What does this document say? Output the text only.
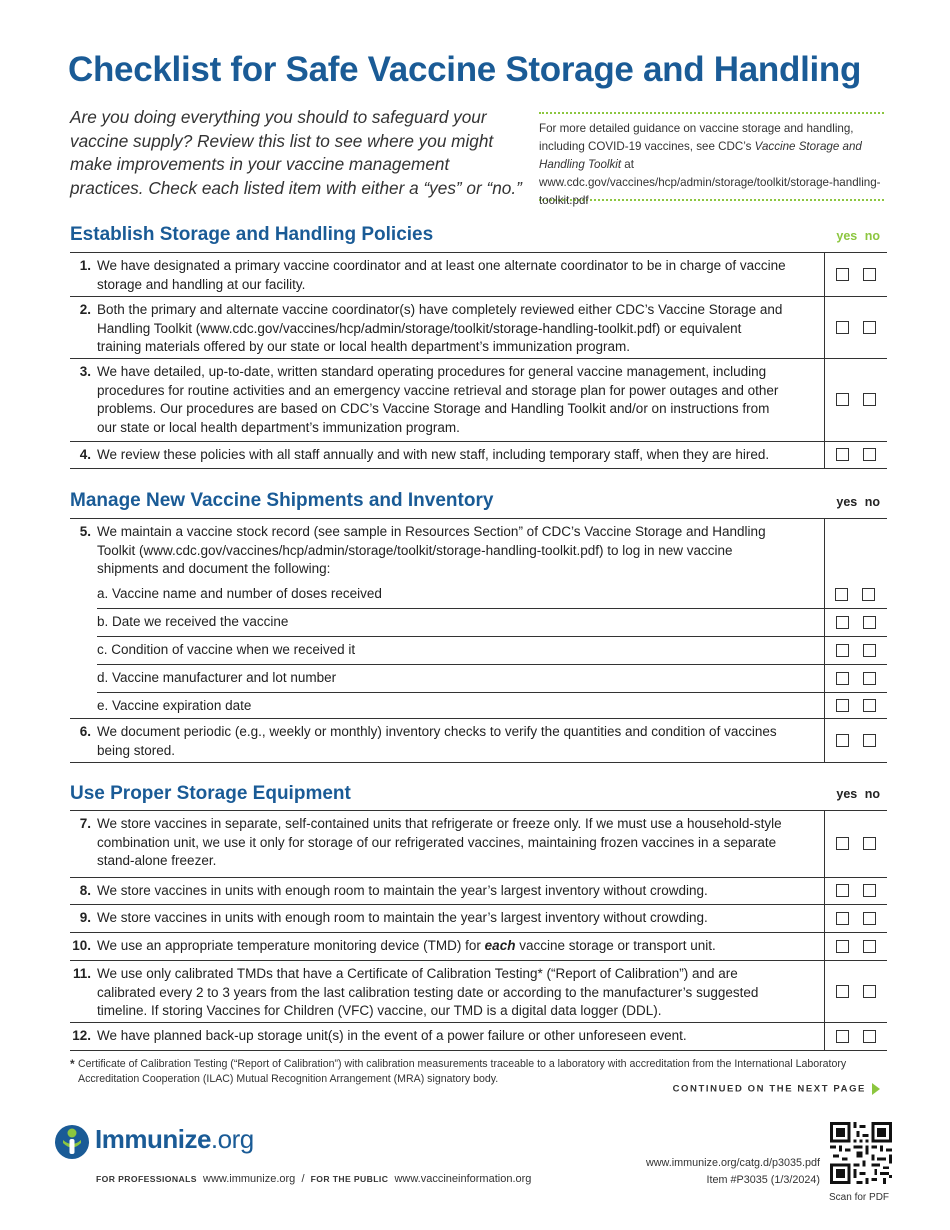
Checklist for Safe Vaccine Storage and Handling
Are you doing everything you should to safeguard your vaccine supply? Review this list to see where you might make improvements in your vaccine management practices. Check each listed item with either a “yes” or “no.”
For more detailed guidance on vaccine storage and handling, including COVID-19 vaccines, see CDC’s Vaccine Storage and Handling Toolkit at www.cdc.gov/vaccines/hcp/admin/storage/toolkit/storage-handling-toolkit.pdf
Establish Storage and Handling Policies	yes no
1. We have designated a primary vaccine coordinator and at least one alternate coordinator to be in charge of vaccine storage and handling at our facility.
2. Both the primary and alternate vaccine coordinator(s) have completely reviewed either CDC’s Vaccine Storage and Handling Toolkit (www.cdc.gov/vaccines/hcp/admin/storage/toolkit/storage-handling-toolkit.pdf) or equivalent training materials offered by our state or local health department’s immunization program.
3. We have detailed, up-to-date, written standard operating procedures for general vaccine management, including procedures for routine activities and an emergency vaccine retrieval and storage plan for power outages and other problems. Our procedures are based on CDC’s Vaccine Storage and Handling Toolkit and/or on instructions from our state or local health department’s immunization program.
4. We review these policies with all staff annually and with new staff, including temporary staff, when they are hired.
Manage New Vaccine Shipments and Inventory	yes no
5. We maintain a vaccine stock record (see sample in Resources Section” of CDC’s Vaccine Storage and Handling Toolkit (www.cdc.gov/vaccines/hcp/admin/storage/toolkit/storage-handling-toolkit.pdf) to log in new vaccine shipments and document the following:
a. Vaccine name and number of doses received
b. Date we received the vaccine
c. Condition of vaccine when we received it
d. Vaccine manufacturer and lot number
e. Vaccine expiration date
6. We document periodic (e.g., weekly or monthly) inventory checks to verify the quantities and condition of vaccines being stored.
Use Proper Storage Equipment	yes no
7. We store vaccines in separate, self-contained units that refrigerate or freeze only. If we must use a household-style combination unit, we use it only for storage of our refrigerated vaccines, maintaining frozen vaccines in a separate stand-alone freezer.
8. We store vaccines in units with enough room to maintain the year’s largest inventory without crowding.
9. We store vaccines in units with enough room to maintain the year’s largest inventory without crowding.
10. We use an appropriate temperature monitoring device (TMD) for each vaccine storage or transport unit.
11. We use only calibrated TMDs that have a Certificate of Calibration Testing* (“Report of Calibration”) and are calibrated every 2 to 3 years from the last calibration testing date or according to the manufacturer’s suggested timeline. If storing Vaccines for Children (VFC) vaccine, our TMD is a digital data logger (DDL).
12. We have planned back-up storage unit(s) in the event of a power failure or other unforeseen event.
* Certificate of Calibration Testing (“Report of Calibration”) with calibration measurements traceable to a laboratory with accreditation from the International Laboratory Accreditation Cooperation (ILAC) Mutual Recognition Arrangement (MRA) signatory body.
CONTINUED ON THE NEXT PAGE
Immunize.org
FOR PROFESSIONALS www.immunize.org / FOR THE PUBLIC www.vaccineinformation.org
www.immunize.org/catg.d/p3035.pdf
Item #P3035 (1/3/2024)
Scan for PDF
